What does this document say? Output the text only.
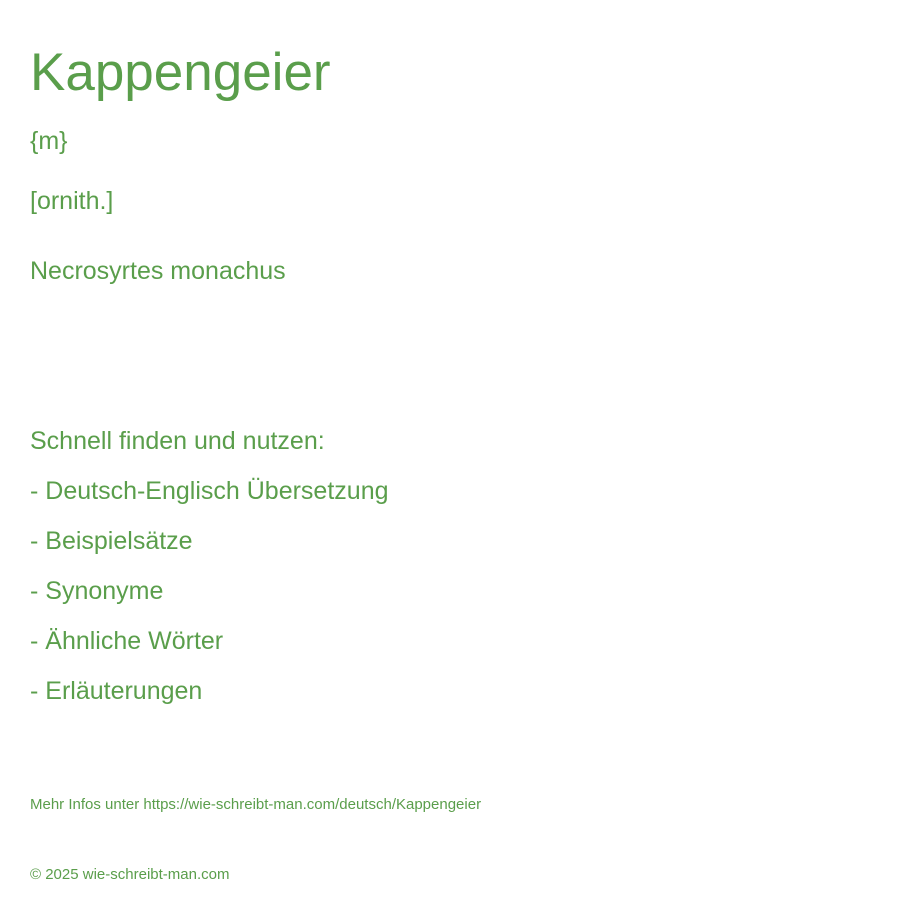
Kappengeier
{m}
[ornith.]
Necrosyrtes monachus
Schnell finden und nutzen:
- Deutsch-Englisch Übersetzung
- Beispielsätze
- Synonyme
- Ähnliche Wörter
- Erläuterungen
Mehr Infos unter https://wie-schreibt-man.com/deutsch/Kappengeier
© 2025 wie-schreibt-man.com
